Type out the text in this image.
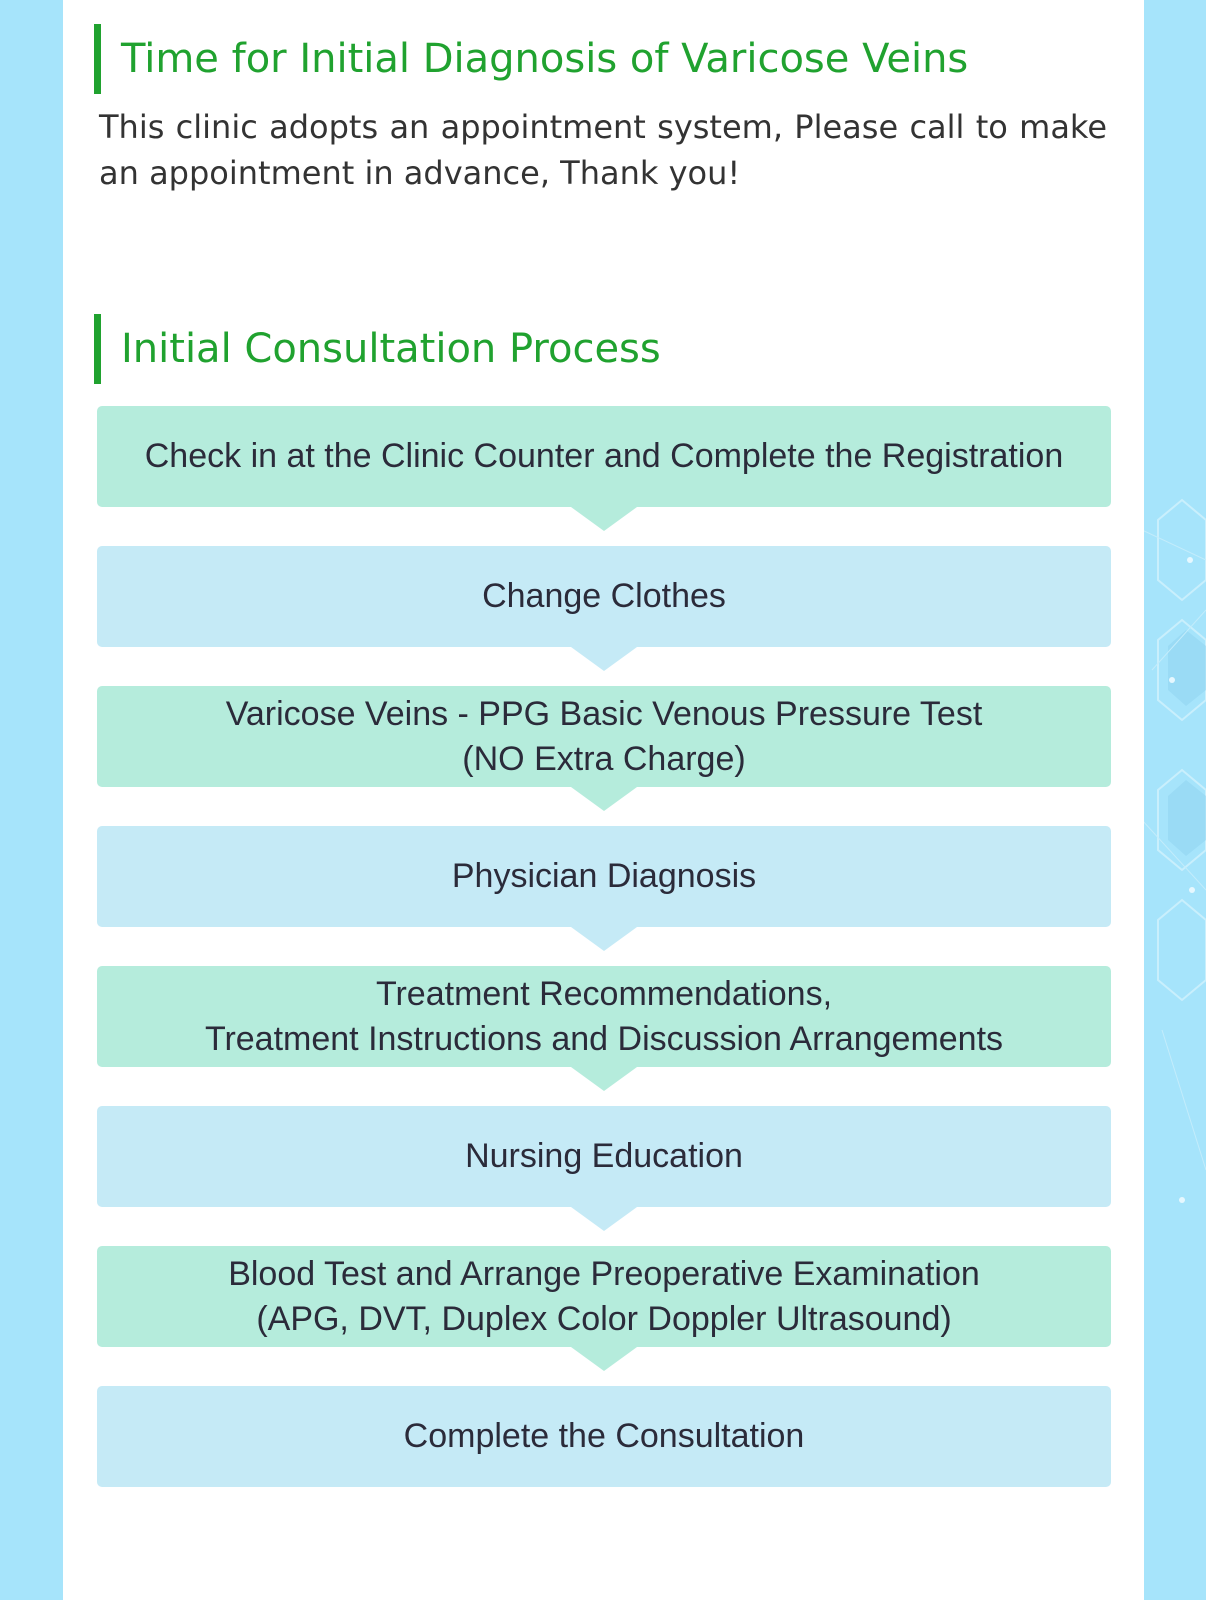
Time for Initial Diagnosis of Varicose Veins

This clinic adopts an appointment system, Please call to make an appointment in advance, Thank you!

Initial Consultation Process
Check in at the Clinic Counter and Complete the Registration
Change Clothes
Varicose Veins - PPG Basic Venous Pressure Test
(NO Extra Charge)
Physician Diagnosis
Treatment Recommendations,
Treatment Instructions and Discussion Arrangements
Nursing Education
Blood Test and Arrange Preoperative Examination
(APG, DVT, Duplex Color Doppler Ultrasound)
Complete the Consultation
